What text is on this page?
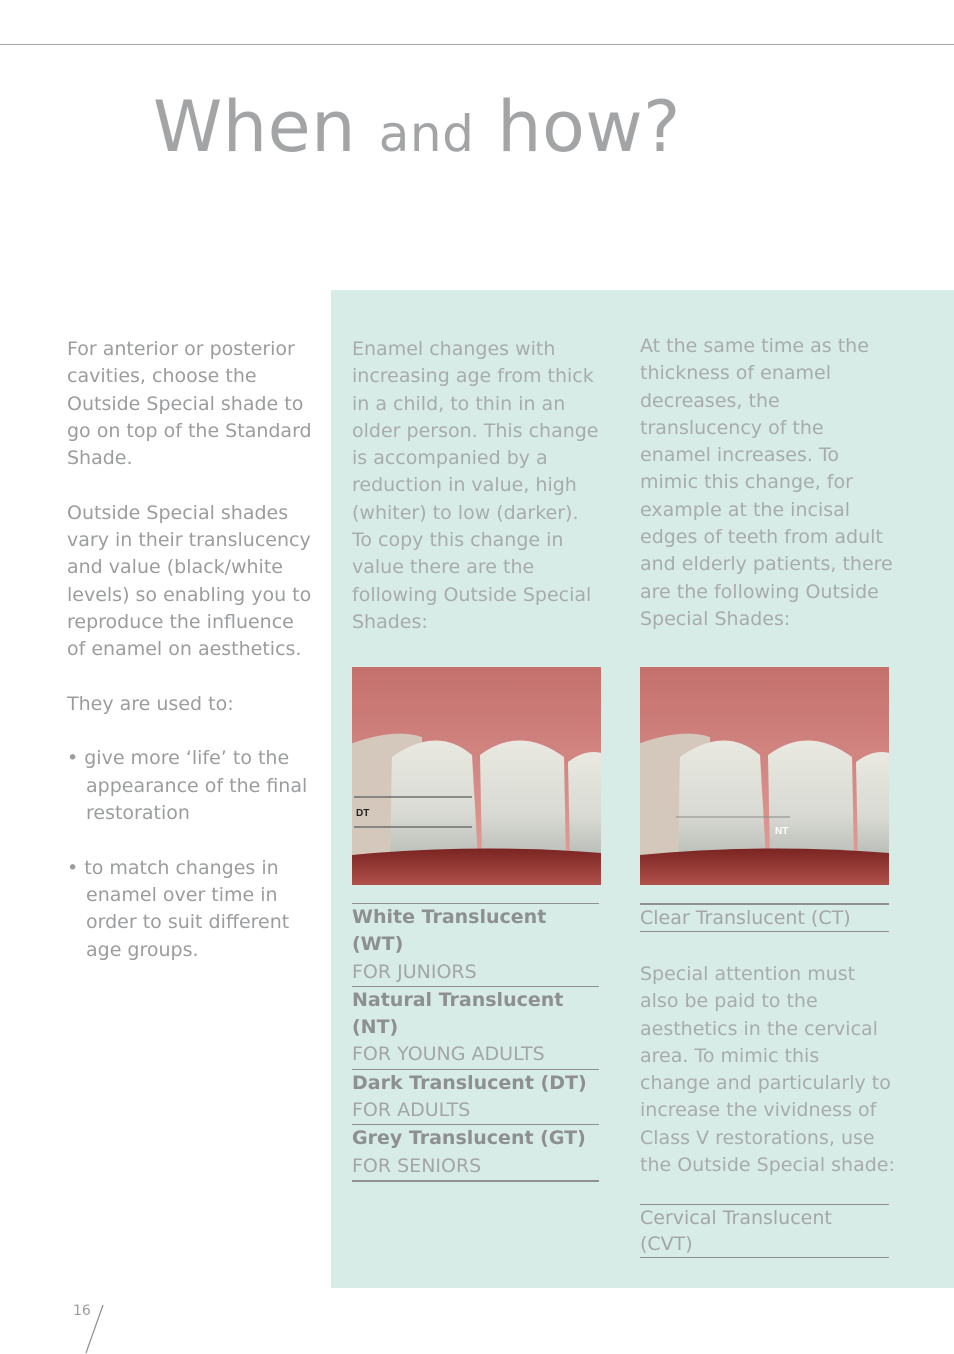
When and how?

For anterior or posterior cavities, choose the Outside Special shade to go on top of the Standard Shade.

Outside Special shades vary in their translucency and value (black/white levels) so enabling you to reproduce the influence of enamel on aesthetics.

They are used to:

• give more ‘life’ to the appearance of the final restoration

• to match changes in enamel over time in order to suit different age groups.

Enamel changes with increasing age from thick in a child, to thin in an older person. This change is accompanied by a reduction in value, high (whiter) to low (darker). To copy this change in value there are the following Outside Special Shades:

At the same time as the thickness of enamel decreases, the translucency of the enamel increases. To mimic this change, for example at the incisal edges of teeth from adult and elderly patients, there are the following Outside Special Shades:

DT
NT
White Translucent (WT)
FOR JUNIORS
Natural Translucent (NT)
FOR YOUNG ADULTS
Dark Translucent (DT)
FOR ADULTS
Grey Translucent (GT)
FOR SENIORS
Clear Translucent (CT)

Special attention must also be paid to the aesthetics in the cervical area. To mimic this change and particularly to increase the vividness of Class V restorations, use the Outside Special shade:

Cervical Translucent (CVT)
16
